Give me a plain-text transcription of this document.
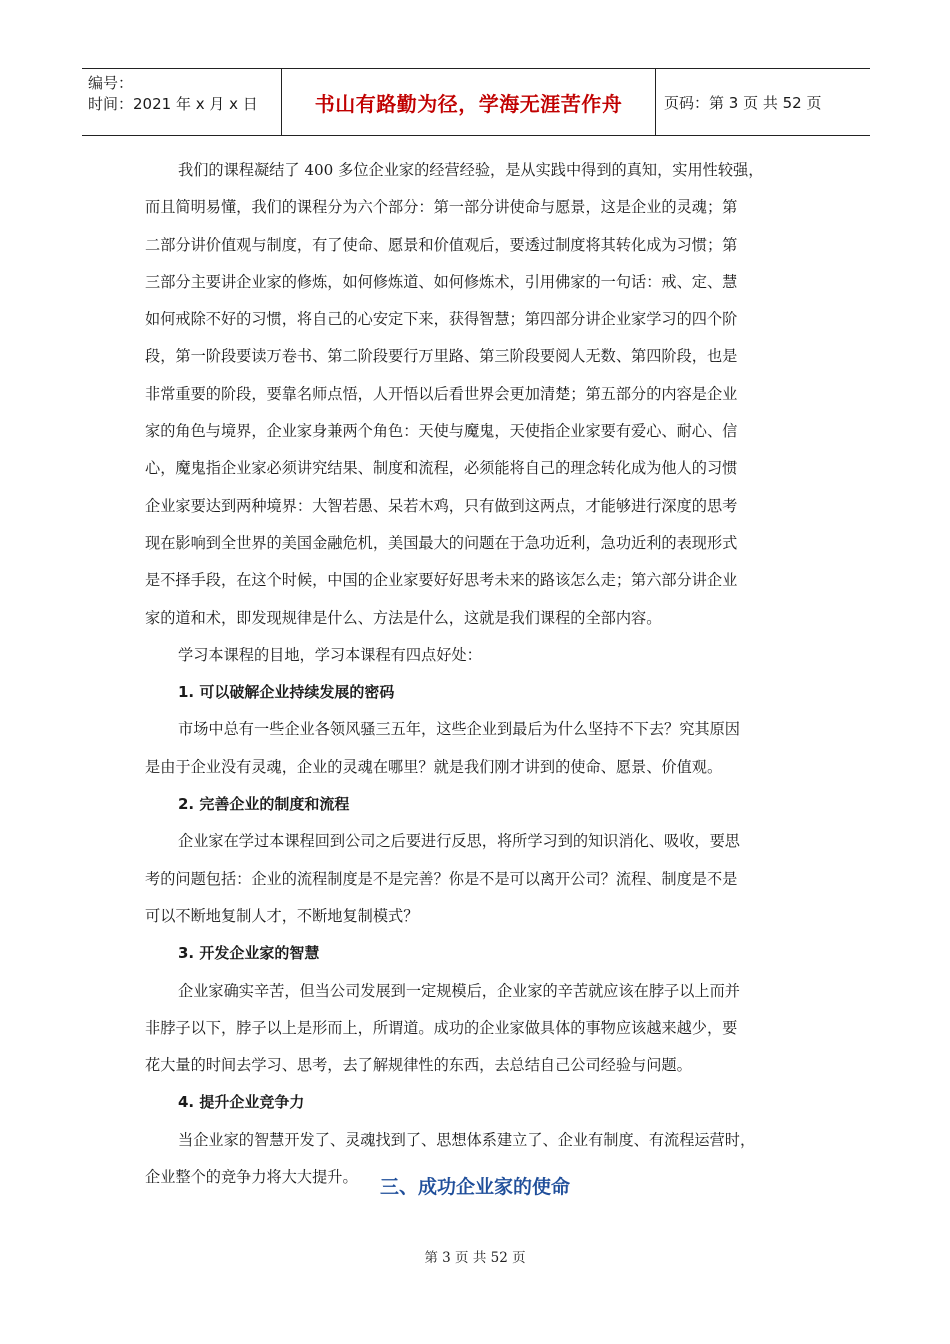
编号：
时间：2021 年 x 月 x 日	书山有路勤为径，学海无涯苦作舟	页码：第 3 页 共 52 页
我们的课程凝结了 400 多位企业家的经营经验，是从实践中得到的真知，实用性较强，
而且简明易懂，我们的课程分为六个部分：第一部分讲使命与愿景，这是企业的灵魂；第
二部分讲价值观与制度，有了使命、愿景和价值观后，要透过制度将其转化成为习惯；第
三部分主要讲企业家的修炼，如何修炼道、如何修炼术，引用佛家的一句话：戒、定、慧
如何戒除不好的习惯，将自己的心安定下来，获得智慧；第四部分讲企业家学习的四个阶
段，第一阶段要读万卷书、第二阶段要行万里路、第三阶段要阅人无数、第四阶段，也是
非常重要的阶段，要靠名师点悟，人开悟以后看世界会更加清楚；第五部分的内容是企业
家的角色与境界，企业家身兼两个角色：天使与魔鬼，天使指企业家要有爱心、耐心、信
心，魔鬼指企业家必须讲究结果、制度和流程，必须能将自己的理念转化成为他人的习惯
企业家要达到两种境界：大智若愚、呆若木鸡，只有做到这两点，才能够进行深度的思考
现在影响到全世界的美国金融危机，美国最大的问题在于急功近利，急功近利的表现形式
是不择手段，在这个时候，中国的企业家要好好思考未来的路该怎么走；第六部分讲企业
家的道和术，即发现规律是什么、方法是什么，这就是我们课程的全部内容。
学习本课程的目地，学习本课程有四点好处：
1. 可以破解企业持续发展的密码
市场中总有一些企业各领风骚三五年，这些企业到最后为什么坚持不下去？究其原因
是由于企业没有灵魂，企业的灵魂在哪里？就是我们刚才讲到的使命、愿景、价值观。
2. 完善企业的制度和流程
企业家在学过本课程回到公司之后要进行反思，将所学习到的知识消化、吸收，要思
考的问题包括：企业的流程制度是不是完善？你是不是可以离开公司？流程、制度是不是
可以不断地复制人才，不断地复制模式？
3. 开发企业家的智慧
企业家确实辛苦，但当公司发展到一定规模后，企业家的辛苦就应该在脖子以上而并
非脖子以下，脖子以上是形而上，所谓道。成功的企业家做具体的事物应该越来越少，要
花大量的时间去学习、思考，去了解规律性的东西，去总结自己公司经验与问题。
4. 提升企业竞争力
当企业家的智慧开发了、灵魂找到了、思想体系建立了、企业有制度、有流程运营时，
企业整个的竞争力将大大提升。	三、成功企业家的使命
第 3 页 共 52 页
